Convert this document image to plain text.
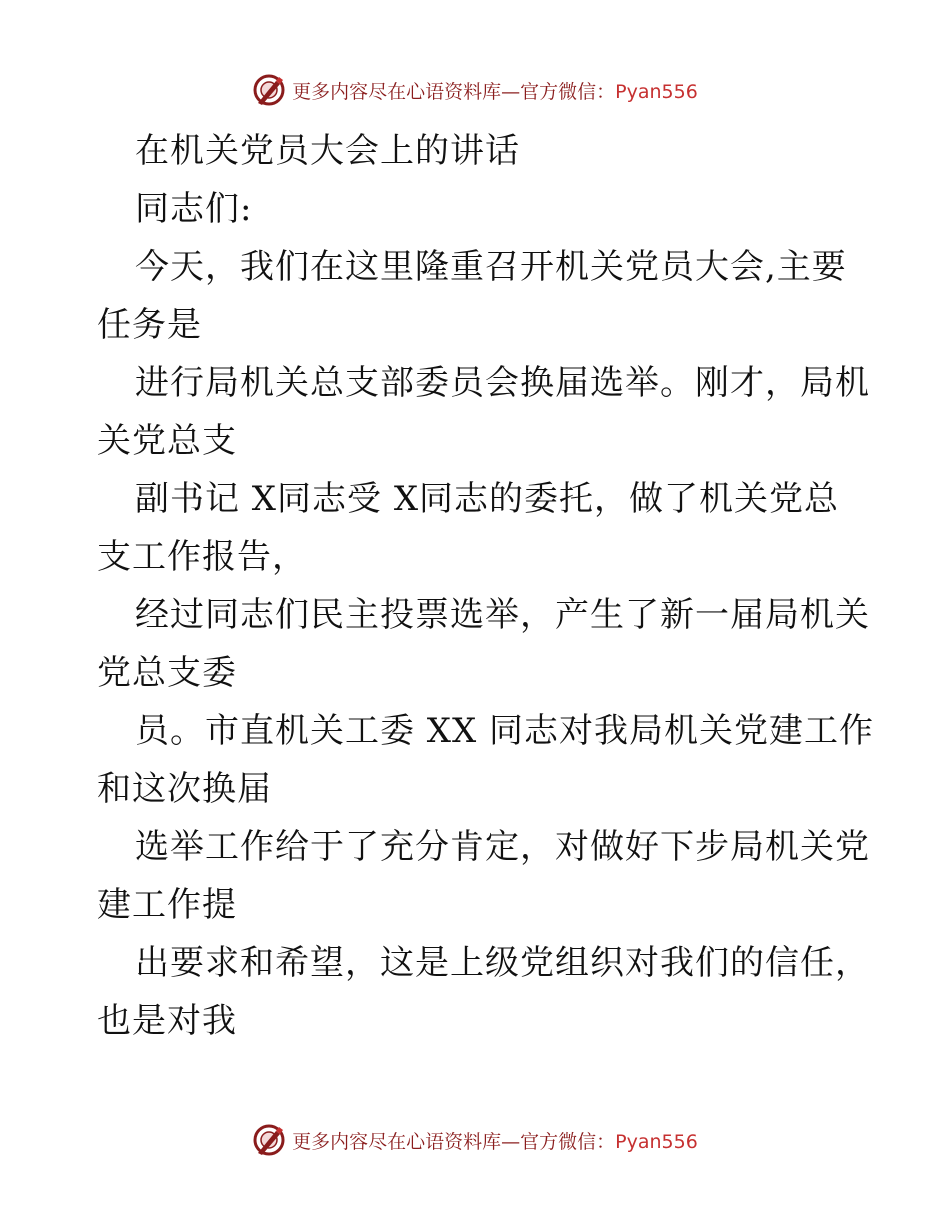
更多内容尽在心语资料库—官方微信：Pyan556

在机关党员大会上的讲话

同志们:

今天，我们在这里隆重召开机关党员大会,主要

任务是

进行局机关总支部委员会换届选举。刚才，局机

关党总支

副书记 X同志受 X同志的委托，做了机关党总

支工作报告，

经过同志们民主投票选举，产生了新一届局机关

党总支委

员。市直机关工委 XX 同志对我局机关党建工作

和这次换届

选举工作给于了充分肯定，对做好下步局机关党

建工作提

出要求和希望，这是上级党组织对我们的信任，

也是对我

更多内容尽在心语资料库—官方微信：Pyan556
